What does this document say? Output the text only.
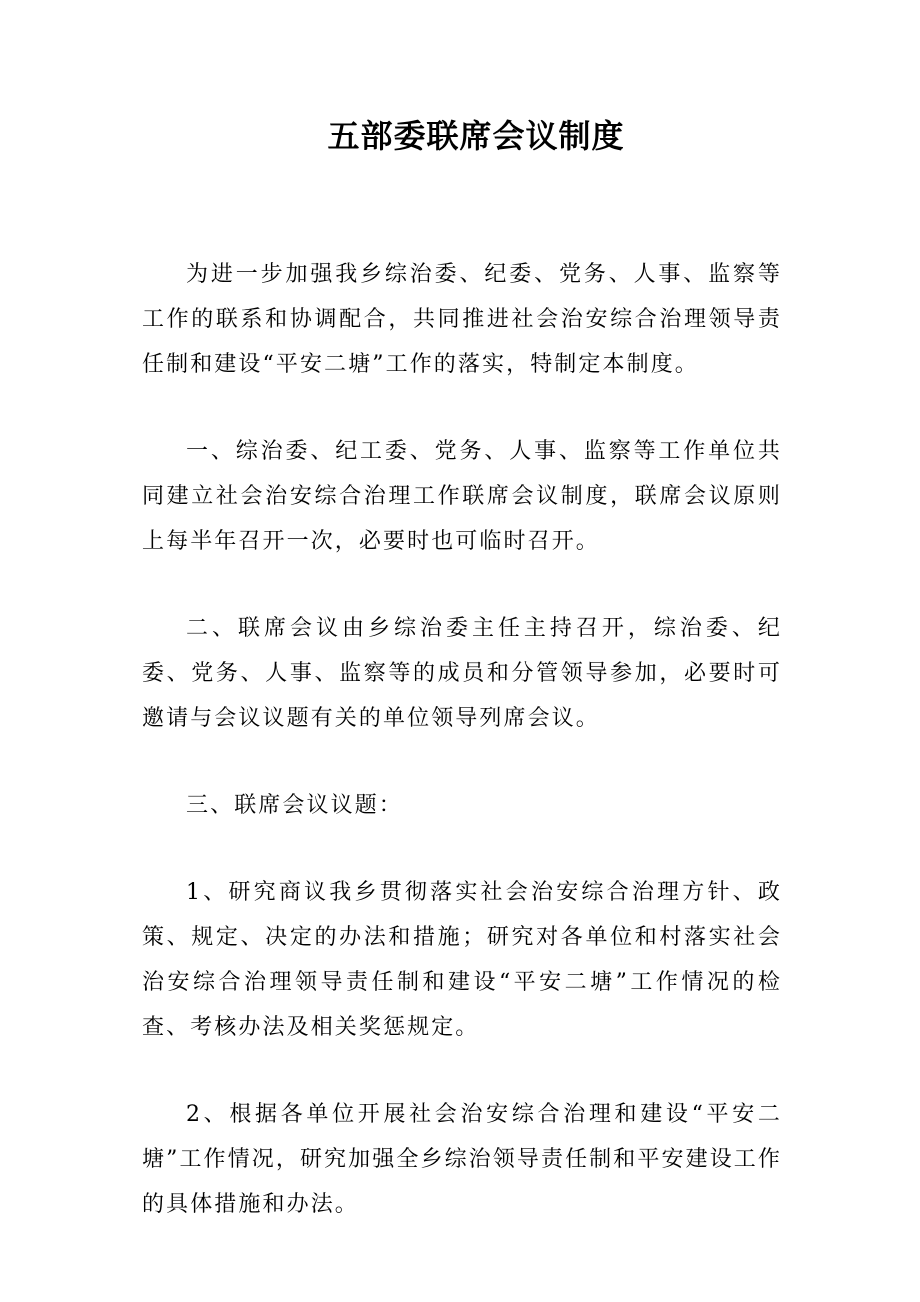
五部委联席会议制度

为进一步加强我乡综治委、纪委、党务、人事、监察等工作的联系和协调配合，共同推进社会治安综合治理领导责任制和建设“平安二塘”工作的落实，特制定本制度。

一、综治委、纪工委、党务、人事、监察等工作单位共同建立社会治安综合治理工作联席会议制度，联席会议原则上每半年召开一次，必要时也可临时召开。

二、联席会议由乡综治委主任主持召开，综治委、纪委、党务、人事、监察等的成员和分管领导参加，必要时可邀请与会议议题有关的单位领导列席会议。

三、联席会议议题：

1、研究商议我乡贯彻落实社会治安综合治理方针、政策、规定、决定的办法和措施；研究对各单位和村落实社会治安综合治理领导责任制和建设“平安二塘”工作情况的检查、考核办法及相关奖惩规定。

2、根据各单位开展社会治安综合治理和建设“平安二塘”工作情况，研究加强全乡综治领导责任制和平安建设工作的具体措施和办法。
